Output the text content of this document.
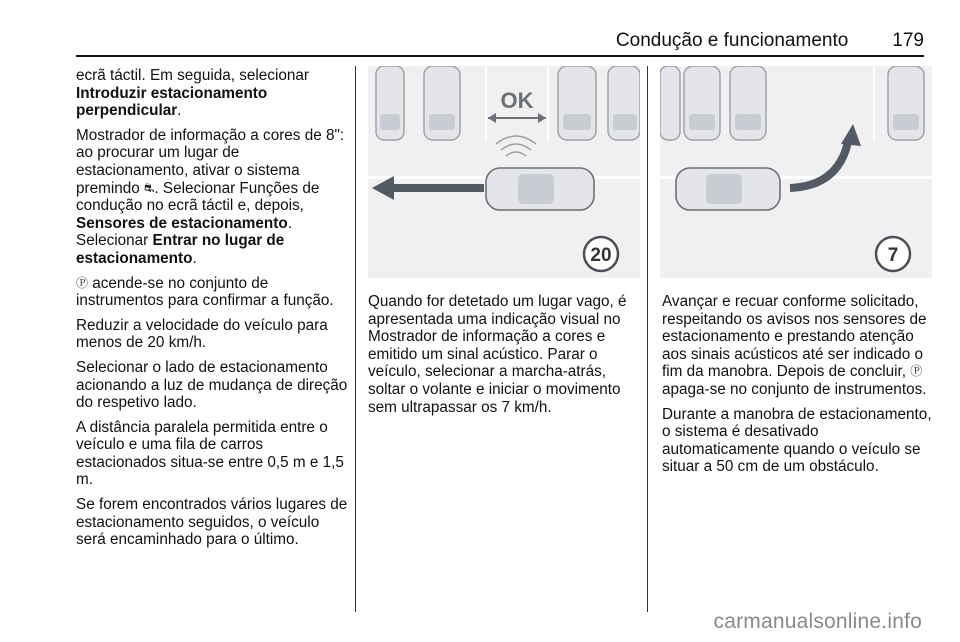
Condução e funcionamento 179

ecrã táctil. Em seguida, selecionar Introduzir estacionamento perpendicular.

Mostrador de informação a cores de 8": ao procurar um lugar de estacionamento, ativar o sistema premindo ⛐. Selecionar Funções de condução no ecrã táctil e, depois, Sensores de estacionamento. Selecionar Entrar no lugar de estacionamento.

Ⓟ acende-se no conjunto de instrumentos para confirmar a função.

Reduzir a velocidade do veículo para menos de 20 km/h.

Selecionar o lado de estacionamento acionando a luz de mudança de direção do respetivo lado.

A distância paralela permitida entre o veículo e uma fila de carros estacionados situa-se entre 0,5 m e 1,5 m.

Se forem encontrados vários lugares de estacionamento seguidos, o veículo será encaminhado para o último.

OK
20

Quando for detetado um lugar vago, é apresentada uma indicação visual no Mostrador de informação a cores e emitido um sinal acústico. Parar o veículo, selecionar a marcha-atrás, soltar o volante e iniciar o movimento sem ultrapassar os 7 km/h.

7

Avançar e recuar conforme solicitado, respeitando os avisos nos sensores de estacionamento e prestando atenção aos sinais acústicos até ser indicado o fim da manobra. Depois de concluir, Ⓟ apaga-se no conjunto de instrumentos.

Durante a manobra de estacionamento, o sistema é desativado automaticamente quando o veículo se situar a 50 cm de um obstáculo.

carmanualsonline.info
